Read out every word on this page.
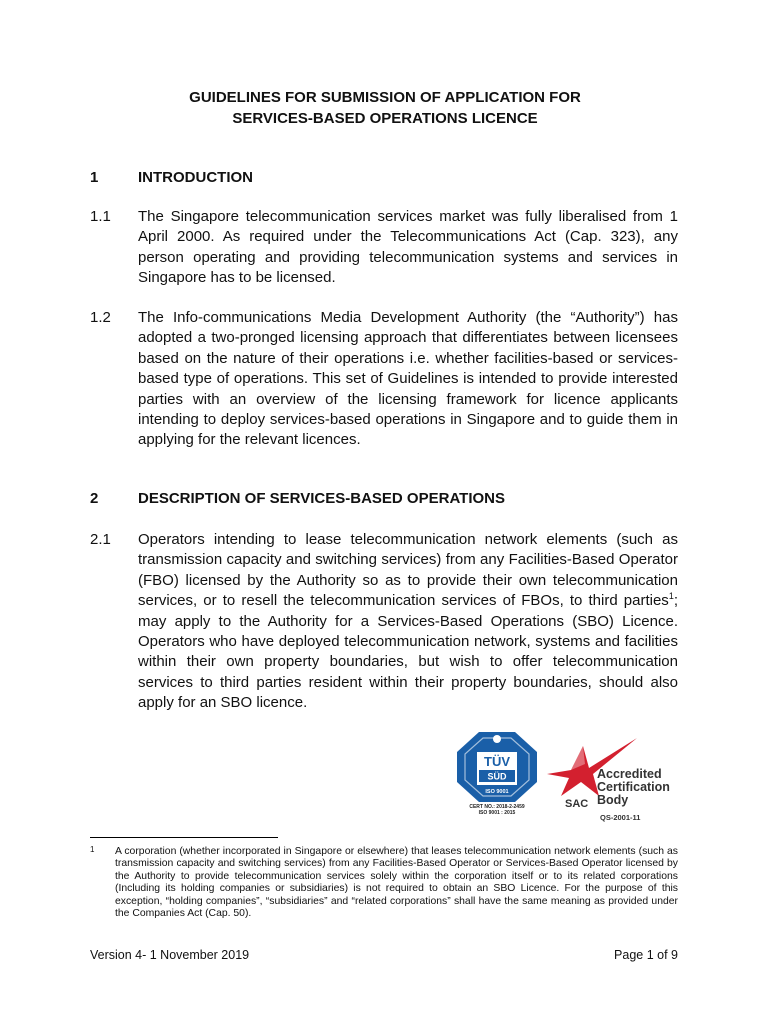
GUIDELINES FOR SUBMISSION OF APPLICATION FOR
SERVICES-BASED OPERATIONS LICENCE
1	INTRODUCTION
1.1 The Singapore telecommunication services market was fully liberalised from 1 April 2000. As required under the Telecommunications Act (Cap. 323), any person operating and providing telecommunication systems and services in Singapore has to be licensed.
1.2 The Info-communications Media Development Authority (the “Authority”) has adopted a two-pronged licensing approach that differentiates between licensees based on the nature of their operations i.e. whether facilities-based or services-based type of operations. This set of Guidelines is intended to provide interested parties with an overview of the licensing framework for licence applicants intending to deploy services-based operations in Singapore and to guide them in applying for the relevant licences.
2	DESCRIPTION OF SERVICES-BASED OPERATIONS
2.1 Operators intending to lease telecommunication network elements (such as transmission capacity and switching services) from any Facilities-Based Operator (FBO) licensed by the Authority so as to provide their own telecommunication services, or to resell the telecommunication services of FBOs, to third parties$^1$; may apply to the Authority for a Services-Based Operations (SBO) Licence. Operators who have deployed telecommunication network, systems and facilities within their own property boundaries, but wish to offer telecommunication services to third parties resident within their property boundaries, should also apply for an SBO licence.
TÜV
SÜD
ISO 9001
CERT NO.: 2018-2-2459
ISO 9001 : 2015
Accredited
Certification
Body
SAC
QS-2001-11
1 A corporation (whether incorporated in Singapore or elsewhere) that leases telecommunication network elements (such as transmission capacity and switching services) from any Facilities-Based Operator or Services-Based Operator licensed by the Authority to provide telecommunication services solely within the corporation itself or to its related corporations (Including its holding companies or subsidiaries) is not required to obtain an SBO Licence. For the purpose of this exception, “holding companies”, “subsidiaries” and “related corporations” shall have the same meaning as provided under the Companies Act (Cap. 50).
Version 4- 1 November 2019	Page 1 of 9
